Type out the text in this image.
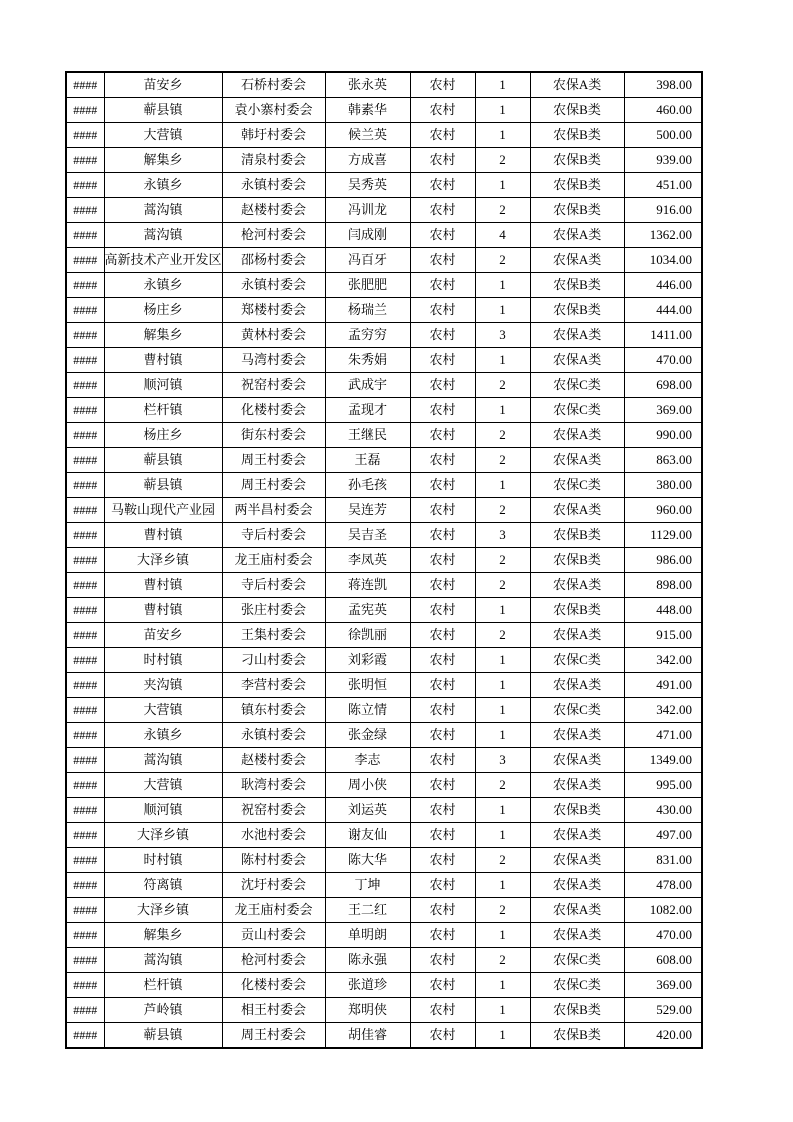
####	苗安乡	石桥村委会	张永英	农村	1	农保A类	398.00

####	蕲县镇	袁小寨村委会	韩素华	农村	1	农保B类	460.00

####	大营镇	韩圩村委会	候兰英	农村	1	农保B类	500.00

####	解集乡	清泉村委会	方成喜	农村	2	农保B类	939.00

####	永镇乡	永镇村委会	吴秀英	农村	1	农保B类	451.00

####	蒿沟镇	赵楼村委会	冯训龙	农村	2	农保B类	916.00

####	蒿沟镇	枪河村委会	闫成刚	农村	4	农保A类	1362.00

####	高新技术产业开发区	邵杨村委会	冯百牙	农村	2	农保A类	1034.00

####	永镇乡	永镇村委会	张肥肥	农村	1	农保B类	446.00

####	杨庄乡	郑楼村委会	杨瑞兰	农村	1	农保B类	444.00

####	解集乡	黄林村委会	孟穷穷	农村	3	农保A类	1411.00

####	曹村镇	马湾村委会	朱秀娟	农村	1	农保A类	470.00

####	顺河镇	祝窑村委会	武成宇	农村	2	农保C类	698.00

####	栏杆镇	化楼村委会	孟现才	农村	1	农保C类	369.00

####	杨庄乡	街东村委会	王继民	农村	2	农保A类	990.00

####	蕲县镇	周王村委会	王磊	农村	2	农保A类	863.00

####	蕲县镇	周王村委会	孙毛孩	农村	1	农保C类	380.00

####	马鞍山现代产业园	两半昌村委会	吴连芳	农村	2	农保A类	960.00

####	曹村镇	寺后村委会	吴吉圣	农村	3	农保B类	1129.00

####	大泽乡镇	龙王庙村委会	李凤英	农村	2	农保B类	986.00

####	曹村镇	寺后村委会	蒋连凯	农村	2	农保A类	898.00

####	曹村镇	张庄村委会	孟宪英	农村	1	农保B类	448.00

####	苗安乡	王集村委会	徐凯丽	农村	2	农保A类	915.00

####	时村镇	刁山村委会	刘彩霞	农村	1	农保C类	342.00

####	夹沟镇	李营村委会	张明恒	农村	1	农保A类	491.00

####	大营镇	镇东村委会	陈立情	农村	1	农保C类	342.00

####	永镇乡	永镇村委会	张金绿	农村	1	农保A类	471.00

####	蒿沟镇	赵楼村委会	李志	农村	3	农保A类	1349.00

####	大营镇	耿湾村委会	周小侠	农村	2	农保A类	995.00

####	顺河镇	祝窑村委会	刘运英	农村	1	农保B类	430.00

####	大泽乡镇	水池村委会	谢友仙	农村	1	农保A类	497.00

####	时村镇	陈村村委会	陈大华	农村	2	农保A类	831.00

####	符离镇	沈圩村委会	丁坤	农村	1	农保A类	478.00

####	大泽乡镇	龙王庙村委会	王二红	农村	2	农保A类	1082.00

####	解集乡	贡山村委会	单明朗	农村	1	农保A类	470.00

####	蒿沟镇	枪河村委会	陈永强	农村	2	农保C类	608.00

####	栏杆镇	化楼村委会	张道珍	农村	1	农保C类	369.00

####	芦岭镇	相王村委会	郑明侠	农村	1	农保B类	529.00

####	蕲县镇	周王村委会	胡佳睿	农村	1	农保B类	420.00
